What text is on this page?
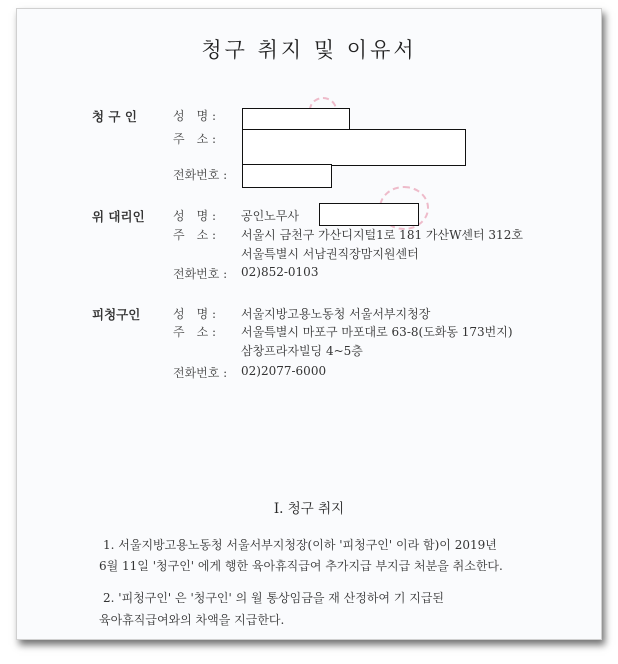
청구 취지 및 이유서
청 구 인	성　명 :
주　소 :
전화번호 :
위 대리인 성　명 : 공인노무사
주　소 : 서울시 금천구 가산디지털1로 181 가산W센터 312호
서울특별시 서남권직장맘지원센터
전화번호 : 02)852-0103
피청구인	성　명 : 서울지방고용노동청 서울서부지청장
주　소 : 서울특별시 마포구 마포대로 63-8(도화동 173번지)
삼창프라자빌딩 4~5층
전화번호 : 02)2077-6000
I. 청구 취지
1. 서울지방고용노동청 서울서부지청장(이하 '피청구인' 이라 함)이 2019년
6월 11일 '청구인' 에게 행한 육아휴직급여 추가지급 부지급 처분을 취소한다.
2. '피청구인' 은 '청구인' 의 월 통상임금을 재 산정하여 기 지급된
육아휴직급여와의 차액을 지급한다.
